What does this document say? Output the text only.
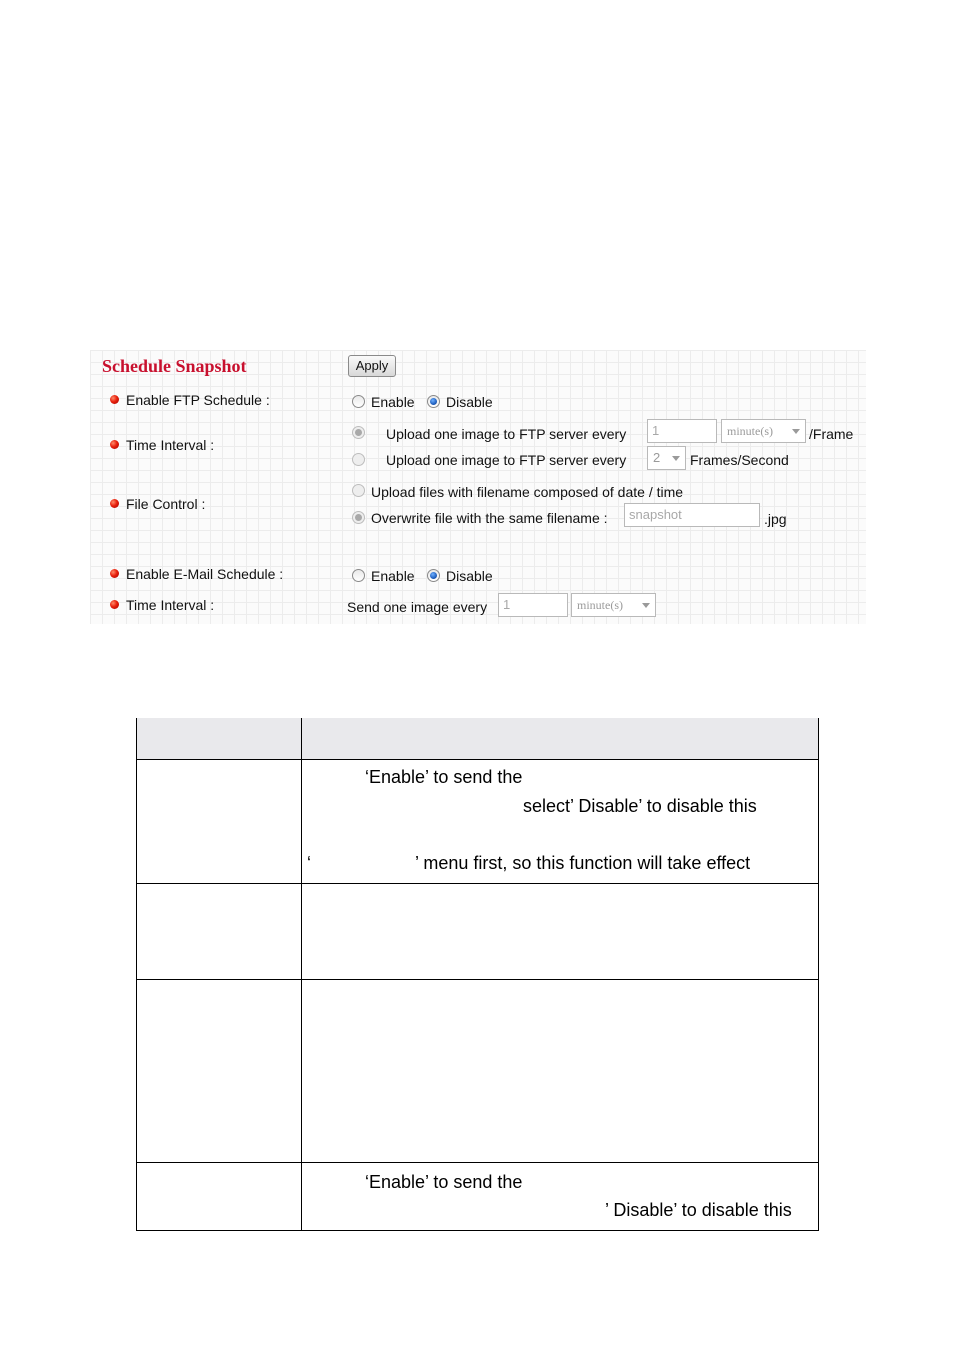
Schedule Snapshot	Apply
Enable FTP Schedule :	Enable Disable
Time Interval :
Upload one image to FTP server every	1	minute(s)	/Frame
Upload one image to FTP server every	2	Frames/Second
File Control :
Upload files with filename composed of date / time
Overwrite file with the same filename :	snapshot	.jpg
Enable E-Mail Schedule :	Enable Disable
Time Interval :	Send one image every	1	minute(s)
‘Enable’ to send the
select’ Disable’ to disable this
‘	’ menu first, so this function will take effect
‘Enable’ to send the
’ Disable’ to disable this
